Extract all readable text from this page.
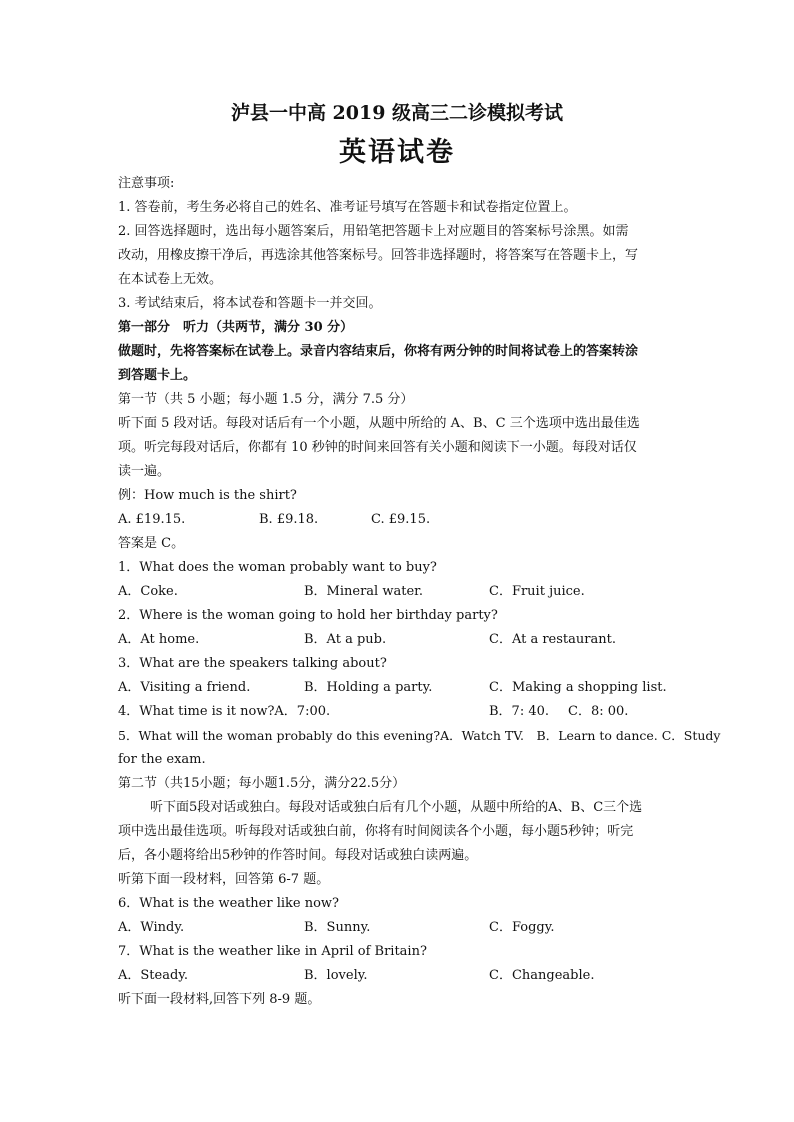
泸县一中高 2019 级高三二诊模拟考试
英语试卷
注意事项:
1. 答卷前，考生务必将自己的姓名、准考证号填写在答题卡和试卷指定位置上。
2. 回答选择题时，选出每小题答案后，用铅笔把答题卡上对应题目的答案标号涂黑。如需
改动，用橡皮擦干净后，再选涂其他答案标号。回答非选择题时，将答案写在答题卡上，写
在本试卷上无效。
3. 考试结束后，将本试卷和答题卡一并交回。
第一部分　听力（共两节，满分 30 分）
做题时，先将答案标在试卷上。录音内容结束后，你将有两分钟的时间将试卷上的答案转涂
到答题卡上。
第一节（共 5 小题；每小题 1.5 分，满分 7.5 分）
听下面 5 段对话。每段对话后有一个小题，从题中所给的 A、B、C 三个选项中选出最佳选
项。听完每段对话后，你都有 10 秒钟的时间来回答有关小题和阅读下一小题。每段对话仅
读一遍。
例：How much is the shirt?
A. £19.15.	B. £9.18.	C. £9.15.
答案是 C。
1．What does the woman probably want to buy?
A．Coke.	B．Mineral water.	C．Fruit juice.
2．Where is the woman going to hold her birthday party?
A．At home.	B．At a pub.	C．At a restaurant.
3．What are the speakers talking about?
A．Visiting a friend.	B．Holding a party.	C．Making a shopping list.
4．What time is it now?A．7:00.	B．7: 40. C．8: 00.
5．What will the woman probably do this evening?A．Watch TV.　B．Learn to dance. C．Study
for the exam.
第二节（共15小题；每小题1.5分，满分22.5分）
听下面5段对话或独白。每段对话或独白后有几个小题，从题中所给的A、B、C三个选
项中选出最佳选项。听每段对话或独白前，你将有时间阅读各个小题，每小题5秒钟；听完
后，各小题将给出5秒钟的作答时间。每段对话或独白读两遍。
听第下面一段材料，回答第 6-7 题。
6．What is the weather like now?
A．Windy.	B．Sunny.	C．Foggy.
7．What is the weather like in April of Britain?
A．Steady.	B．lovely.	C．Changeable.
听下面一段材料,回答下列 8-9 题。
